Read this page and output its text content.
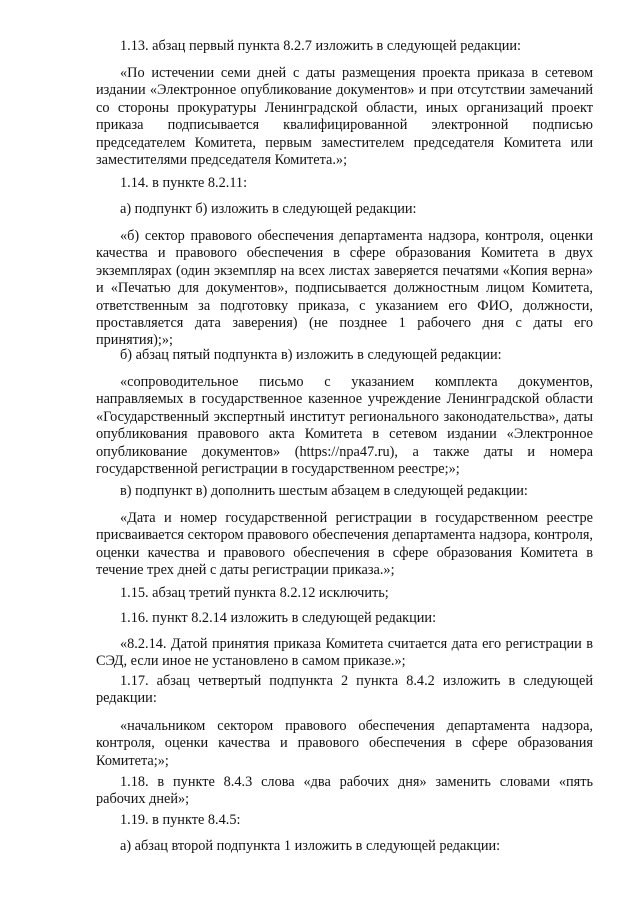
1.13. абзац первый пункта 8.2.7 изложить в следующей редакции:

«По истечении семи дней с даты размещения проекта приказа в сетевом издании «Электронное опубликование документов» и при отсутствии замечаний со стороны прокуратуры Ленинградской области, иных организаций проект приказа подписывается квалифицированной электронной подписью председателем Комитета, первым заместителем председателя Комитета или заместителями председателя Комитета.»;

1.14. в пункте 8.2.11:

а) подпункт б) изложить в следующей редакции:

«б) сектор правового обеспечения департамента надзора, контроля, оценки качества и правового обеспечения в сфере образования Комитета в двух экземплярах (один экземпляр на всех листах заверяется печатями «Копия верна» и «Печатью для документов», подписывается должностным лицом Комитета, ответственным за подготовку приказа, с указанием его ФИО, должности, проставляется дата заверения) (не позднее 1 рабочего дня с даты его принятия);»;

б) абзац пятый подпункта в) изложить в следующей редакции:

«сопроводительное письмо с указанием комплекта документов, направляемых в государственное казенное учреждение Ленинградской области «Государственный экспертный институт регионального законодательства», даты опубликования правового акта Комитета в сетевом издании «Электронное опубликование документов» (https://npa47.ru), а также даты и номера государственной регистрации в государственном реестре;»;

в) подпункт в) дополнить шестым абзацем в следующей редакции:

«Дата и номер государственной регистрации в государственном реестре присваивается сектором правового обеспечения департамента надзора, контроля, оценки качества и правового обеспечения в сфере образования Комитета в течение трех дней с даты регистрации приказа.»;

1.15. абзац третий пункта 8.2.12 исключить;

1.16. пункт 8.2.14 изложить в следующей редакции:

«8.2.14. Датой принятия приказа Комитета считается дата его регистрации в СЭД, если иное не установлено в самом приказе.»;

1.17. абзац четвертый подпункта 2 пункта 8.4.2 изложить в следующей редакции:

«начальником сектором правового обеспечения департамента надзора, контроля, оценки качества и правового обеспечения в сфере образования Комитета;»;

1.18. в пункте 8.4.3 слова «два рабочих дня» заменить словами «пять рабочих дней»;

1.19. в пункте 8.4.5:

а) абзац второй подпункта 1 изложить в следующей редакции:
